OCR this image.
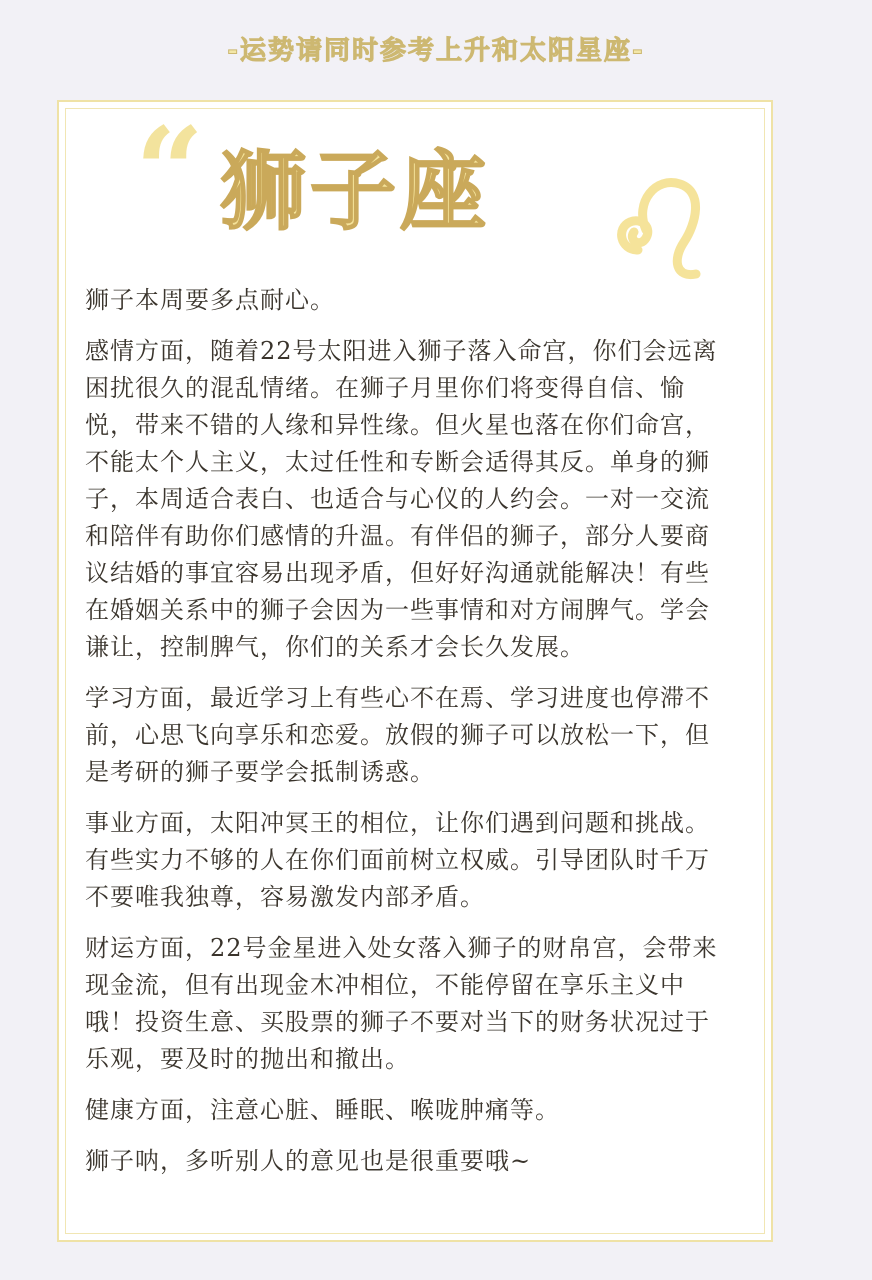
-运势请同时参考上升和太阳星座-
“ 狮子座

狮子本周要多点耐心。

感情方面，随着22号太阳进入狮子落入命宫，你们会远离困扰很久的混乱情绪。在狮子月里你们将变得自信、愉悦，带来不错的人缘和异性缘。但火星也落在你们命宫，不能太个人主义，太过任性和专断会适得其反。单身的狮子，本周适合表白、也适合与心仪的人约会。一对一交流和陪伴有助你们感情的升温。有伴侣的狮子，部分人要商议结婚的事宜容易出现矛盾，但好好沟通就能解决！有些在婚姻关系中的狮子会因为一些事情和对方闹脾气。学会谦让，控制脾气，你们的关系才会长久发展。

学习方面，最近学习上有些心不在焉、学习进度也停滞不前，心思飞向享乐和恋爱。放假的狮子可以放松一下，但是考研的狮子要学会抵制诱惑。

事业方面，太阳冲冥王的相位，让你们遇到问题和挑战。有些实力不够的人在你们面前树立权威。引导团队时千万不要唯我独尊，容易激发内部矛盾。

财运方面，22号金星进入处女落入狮子的财帛宫，会带来现金流，但有出现金木冲相位，不能停留在享乐主义中哦！投资生意、买股票的狮子不要对当下的财务状况过于乐观，要及时的抛出和撤出。

健康方面，注意心脏、睡眠、喉咙肿痛等。

狮子呐，多听别人的意见也是很重要哦~
